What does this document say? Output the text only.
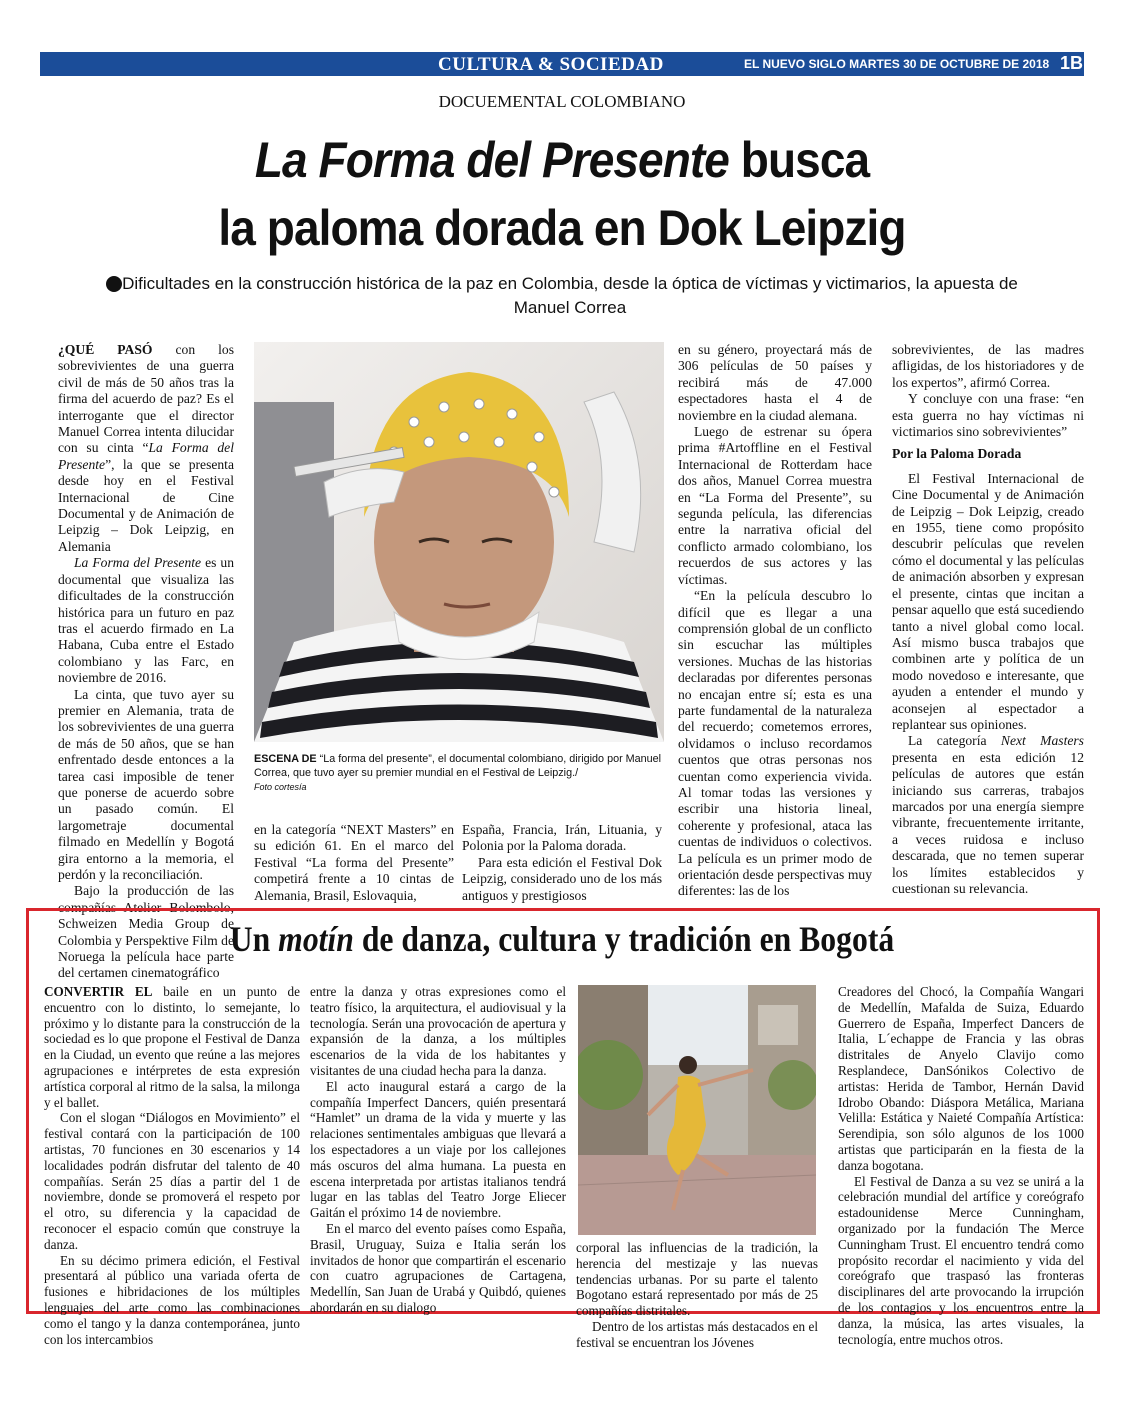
CULTURA & SOCIEDAD	EL NUEVO SIGLO MARTES 30 DE OCTUBRE DE 2018 1B
DOCUEMENTAL COLOMBIANO
La Forma del Presente busca
la paloma dorada en Dok Leipzig
Dificultades en la construcción histórica de la paz en Colombia, desde la óptica de víctimas y victimarios, la apuesta de Manuel Correa

¿QUÉ PASÓ con los sobrevivientes de una guerra civil de más de 50 años tras la firma del acuerdo de paz? Es el interrogante que el director Manuel Correa intenta dilucidar con su cinta “La Forma del Presente”, la que se presenta desde hoy en el Festival Internacional de Cine Documental y de Animación de Leipzig – Dok Leipzig, en Alemania

La Forma del Presente es un documental que visualiza las dificultades de la construcción histórica para un futuro en paz tras el acuerdo firmado en La Habana, Cuba entre el Estado colombiano y las Farc, en noviembre de 2016.

La cinta, que tuvo ayer su premier en Alemania, trata de los sobrevivientes de una guerra de más de 50 años, que se han enfrentado desde entonces a la tarea casi imposible de tener que ponerse de acuerdo sobre un pasado común. El largometraje documental filmado en Medellín y Bogotá gira entorno a la memoria, el perdón y la reconciliación.

Bajo la producción de las compañías Atelier Bolombolo, Schweizen Media Group de Colombia y Perspektive Film de Noruega la película hace parte del certamen cinematográfico

ESCENA DE “La forma del presente”, el documental colombiano, dirigido por Manuel Correa, que tuvo ayer su premier mundial en el Festival de Leipzig./
Foto cortesía

en la categoría “NEXT Masters” en su edición 61. En el marco del Festival “La forma del Presente” competirá frente a 10 cintas de Alemania, Brasil, Eslovaquia,

España, Francia, Irán, Lituania, y Polonia por la Paloma dorada.

Para esta edición el Festival Dok Leipzig, considerado uno de los más antiguos y prestigiosos

en su género, proyectará más de 306 películas de 50 países y recibirá más de 47.000 espectadores hasta el 4 de noviembre en la ciudad alemana.

Luego de estrenar su ópera prima #Artoffline en el Festival Internacional de Rotterdam hace dos años, Manuel Correa muestra en “La Forma del Presente”, su segunda película, las diferencias entre la narrativa oficial del conflicto armado colombiano, los recuerdos de sus actores y las víctimas.

“En la película descubro lo difícil que es llegar a una comprensión global de un conflicto sin escuchar las múltiples versiones. Muchas de las historias declaradas por diferentes personas no encajan entre sí; esta es una parte fundamental de la naturaleza del recuerdo; cometemos errores, olvidamos o incluso recordamos cuentos que otras personas nos cuentan como experiencia vivida. Al tomar todas las versiones y escribir una historia lineal, coherente y profesional, ataca las cuentas de individuos o colectivos. La película es un primer modo de orientación desde perspectivas muy diferentes: las de los

sobrevivientes, de las madres afligidas, de los historiadores y de los expertos”, afirmó Correa.

Y concluye con una frase: “en esta guerra no hay víctimas ni victimarios sino sobrevivientes”

Por la Paloma Dorada

El Festival Internacional de Cine Documental y de Animación de Leipzig – Dok Leipzig, creado en 1955, tiene como propósito descubrir películas que revelen cómo el documental y las películas de animación absorben y expresan el presente, cintas que incitan a pensar aquello que está sucediendo tanto a nivel global como local. Así mismo busca trabajos que combinen arte y política de un modo novedoso e interesante, que ayuden a entender el mundo y aconsejen al espectador a replantear sus opiniones.

La categoría Next Masters presenta en esta edición 12 películas de autores que están iniciando sus carreras, trabajos marcados por una energía siempre vibrante, frecuentemente irritante, a veces ruidosa e incluso descarada, que no temen superar los límites establecidos y cuestionan su relevancia.

Un motín de danza, cultura y tradición en Bogotá

CONVERTIR EL baile en un punto de encuentro con lo distinto, lo semejante, lo próximo y lo distante para la construcción de la sociedad es lo que propone el Festival de Danza en la Ciudad, un evento que reúne a las mejores agrupaciones e intérpretes de esta expresión artística corporal al ritmo de la salsa, la milonga y el ballet.

Con el slogan “Diálogos en Movimiento” el festival contará con la participación de 100 artistas, 70 funciones en 30 escenarios y 14 localidades podrán disfrutar del talento de 40 compañías. Serán 25 días a partir del 1 de noviembre, donde se promoverá el respeto por el otro, su diferencia y la capacidad de reconocer el espacio común que construye la danza.

En su décimo primera edición, el Festival presentará al público una variada oferta de fusiones e hibridaciones de los múltiples lenguajes del arte como las combinaciones como el tango y la danza contemporánea, junto con los intercambios

entre la danza y otras expresiones como el teatro físico, la arquitectura, el audiovisual y la tecnología. Serán una provocación de apertura y expansión de la danza, a los múltiples escenarios de la vida de los habitantes y visitantes de una ciudad hecha para la danza.

El acto inaugural estará a cargo de la compañía Imperfect Dancers, quién presentará “Hamlet” un drama de la vida y muerte y las relaciones sentimentales ambiguas que llevará a los espectadores a un viaje por los callejones más oscuros del alma humana. La puesta en escena interpretada por artistas italianos tendrá lugar en las tablas del Teatro Jorge Eliecer Gaitán el próximo 14 de noviembre.

En el marco del evento países como España, Brasil, Uruguay, Suiza e Italia serán los invitados de honor que compartirán el escenario con cuatro agrupaciones de Cartagena, Medellín, San Juan de Urabá y Quibdó, quienes abordarán en su dialogo

corporal las influencias de la tradición, la herencia del mestizaje y las nuevas tendencias urbanas. Por su parte el talento Bogotano estará representado por más de 25 compañías distritales.

Dentro de los artistas más destacados en el festival se encuentran los Jóvenes

Creadores del Chocó, la Compañía Wangari de Medellín, Mafalda de Suiza, Eduardo Guerrero de España, Imperfect Dancers de Italia, L´echappe de Francia y las obras distritales de Anyelo Clavijo como Resplandece, DanSónikos Colectivo de artistas: Herida de Tambor, Hernán David Idrobo Obando: Diáspora Metálica, Mariana Velilla: Estática y Naieté Compañía Artística: Serendipia, son sólo algunos de los 1000 artistas que participarán en la fiesta de la danza bogotana.

El Festival de Danza a su vez se unirá a la celebración mundial del artífice y coreógrafo estadounidense Merce Cunningham, organizado por la fundación The Merce Cunningham Trust. El encuentro tendrá como propósito recordar el nacimiento y vida del coreógrafo que traspasó las fronteras disciplinares del arte provocando la irrupción de los contagios y los encuentros entre la danza, la música, las artes visuales, la tecnología, entre muchos otros.
